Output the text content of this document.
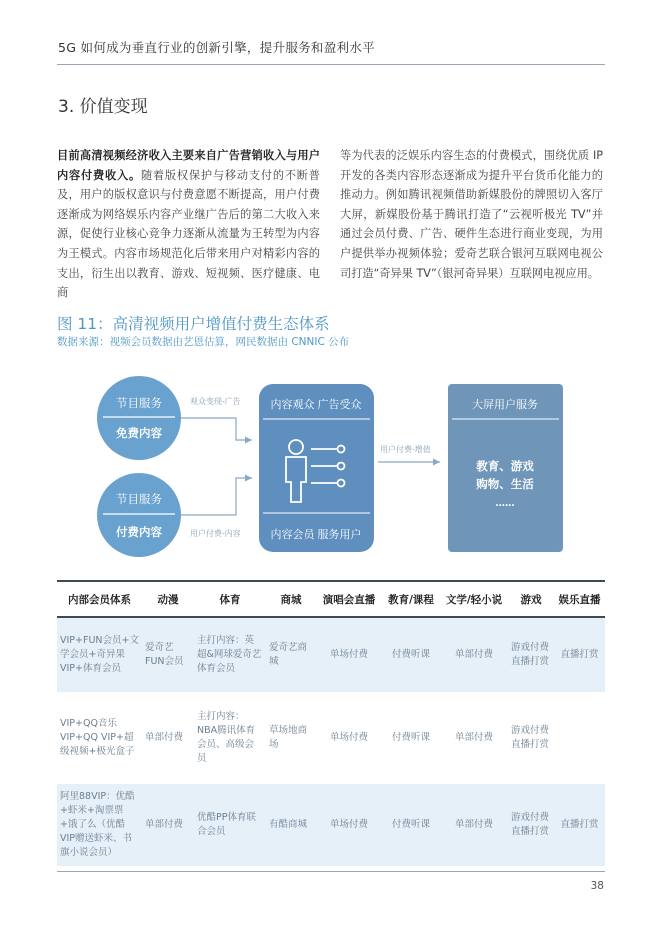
5G 如何成为垂直行业的创新引擎，提升服务和盈利水平
3. 价值变现
目前高清视频经济收入主要来自广告营销收入与用户内容付费收入。随着版权保护与移动支付的不断普及，用户的版权意识与付费意愿不断提高，用户付费逐渐成为网络娱乐内容产业继广告后的第二大收入来源，促使行业核心竞争力逐渐从流量为王转型为内容为王模式。内容市场规范化后带来用户对精彩内容的支出，衍生出以教育、游戏、短视频、医疗健康、电商
等为代表的泛娱乐内容生态的付费模式，围绕优质 IP 开发的各类内容形态逐渐成为提升平台货币化能力的推动力。例如腾讯视频借助新媒股份的牌照切入客厅大屏，新媒股份基于腾讯打造了“云视听极光 TV”并通过会员付费、广告、硬件生态进行商业变现，为用户提供举办视频体验；爱奇艺联合银河互联网电视公司打造“奇异果 TV”（银河奇异果）互联网电视应用。
图 11：高清视频用户增值付费生态体系
数据来源：视频会员数据由艺恩估算，网民数据由 CNNIC 公布
节目服务
免费内容
节目服务
付费内容
观众变现-广告
用户付费-内容
内容观众 广告受众
内容会员 服务用户
用户付费-增值
大屏用户服务
教育、游戏
购物、生活
......
内部会员体系	动漫	体育	商城	演唱会直播	教育/课程	文学/轻小说	游戏	娱乐直播
VIP+FUN会员+文学会员+奇异果VIP+体育会员	爱奇艺FUN会员	主打内容：英超&网球爱奇艺体育会员	爱奇艺商城	单场付费	付费听课	单部付费	游戏付费直播打赏	直播打赏
VIP+QQ音乐VIP+QQ VIP+超级视频+极光盒子	单部付费	主打内容：NBA腾讯体育会员、高级会员	草场地商场	单场付费	付费听课	单部付费	游戏付费直播打赏	
阿里88VIP：优酷+虾米+淘票票+饿了么（优酷VIP赠送虾米、书旗小说会员）	单部付费	优酷PP体育联合会员	有酷商城	单场付费	付费听课	单部付费	游戏付费直播打赏	直播打赏
38
